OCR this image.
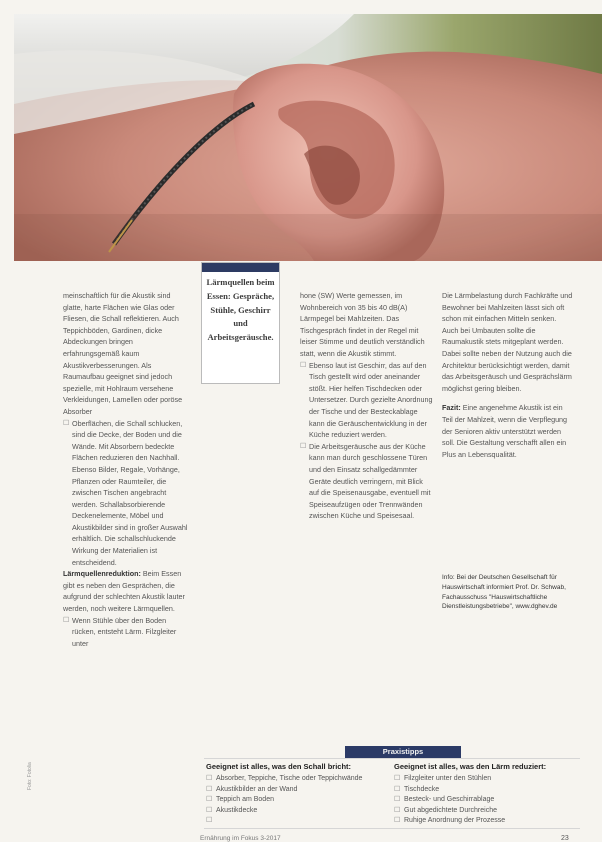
meinschaftlich für die Akustik sind glatte, harte Flächen wie Glas oder Fliesen, die Schall reflektieren. Auch Teppichböden, Gardinen, dicke Abdeckungen bringen erfahrungsgemäß kaum Akustikverbesserungen. Als Raumaufbau geeignet sind jedoch spezielle, mit Hohlraum versehene Verkleidungen, Lamellen oder poröse Absorber

☐ Oberflächen, die Schall schlucken, sind die Decke, der Boden und die Wände. Mit Absorbern bedeckte Flächen reduzieren den Nachhall. Ebenso Bilder, Regale, Vorhänge, Pflanzen oder Raumteiler, die zwischen Tischen angebracht werden. Schallabsorbierende Deckenelemente, Möbel und Akustikbilder sind in großer Auswahl erhältlich. Die schallschluckende Wirkung der Materialien ist entscheidend.

Lärmquellenreduktion: Beim Essen gibt es neben den Gesprächen, die aufgrund der schlechten Akustik lauter werden, noch weitere Lärmquellen.

☐ Wenn Stühle über den Boden rücken, entsteht Lärm. Filzgleiter unter

Lärmquellen beim Essen: Gespräche, Stühle, Geschirr und Arbeitsgeräusche.

hone (SW) Werte gemessen, im Wohnbereich von 35 bis 40 dB(A) Lärmpegel bei Mahlzeiten. Das Tischgespräch findet in der Regel mit leiser Stimme und deutlich verständlich statt, wenn die Akustik stimmt.

☐ Ebenso laut ist Geschirr, das auf den Tisch gestellt wird oder aneinander stößt. Hier helfen Tischdecken oder Untersetzer. Durch gezielte Anordnung der Tische und der Besteckablage kann die Geräuschentwicklung in der Küche reduziert werden.

☐ Die Arbeitsgeräusche aus der Küche kann man durch geschlossene Türen und den Einsatz schallgedämmter Geräte deutlich verringern, mit Blick auf die Speisenausgabe, eventuell mit Speiseaufzügen oder Trennwänden zwischen Küche und Speisesaal.

Die Lärmbelastung durch Fachkräfte und Bewohner bei Mahlzeiten lässt sich oft schon mit einfachen Mitteln senken. Auch bei Umbauten sollte die Raumakustik stets mitgeplant werden. Dabei sollte neben der Nutzung auch die Architektur berücksichtigt werden, damit das Arbeitsgeräusch und Gesprächslärm möglichst gering bleiben.

Fazit: Eine angenehme Akustik ist ein Teil der Mahlzeit, wenn die Verpflegung der Senioren aktiv unterstützt werden soll. Die Gestaltung verschafft allen ein Plus an Lebensqualität.

Info: Bei der Deutschen Gesellschaft für Hauswirtschaft informiert Prof. Dr. Schwab, Fachausschuss "Hauswirtschaftliche Dienstleistungsbetriebe", www.dghev.de
Praxistipps
Geeignet ist alles, was den Schall bricht:
☐ Absorber, Teppiche, Tische oder Teppichwände
☐ Akustikbilder an der Wand
☐ Teppich am Boden
☐ Akustikdecke
Geeignet ist alles, was den Lärm reduziert:
☐ Filzgleiter unter den Stühlen
☐ Tischdecke
☐ Besteck- und Geschirrablage
☐ Gut abgedichtete Durchreiche
☐ Ruhige Anordnung der Prozesse
Ernährung im Fokus 3-2017	23
Foto: Fotolia
